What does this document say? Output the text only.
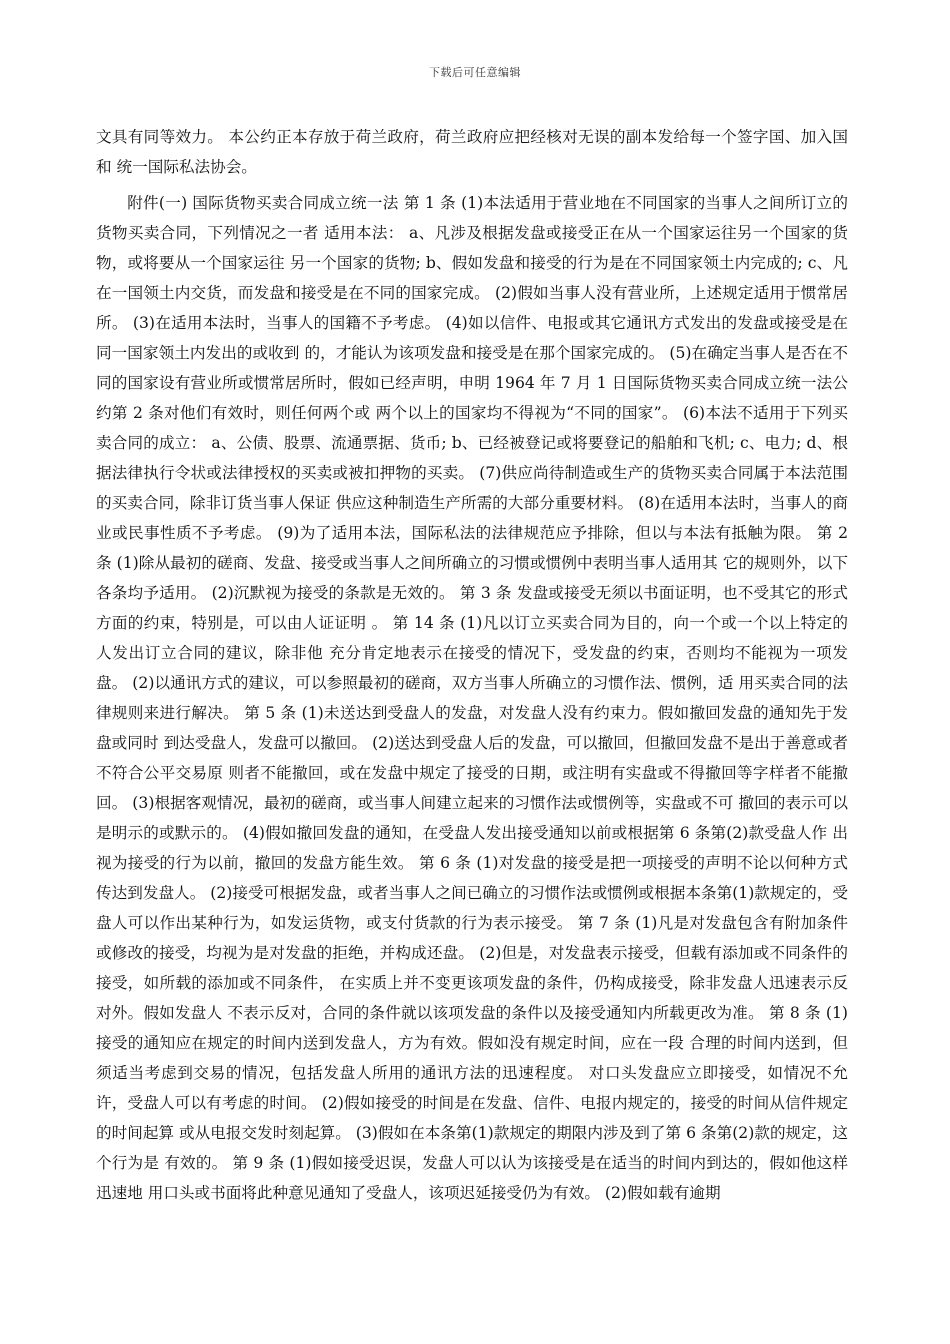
下载后可任意编辑

文具有同等效力。 本公约正本存放于荷兰政府，荷兰政府应把经核对无误的副本发给每一个签字国、加入国和 统一国际私法协会。

附件(一) 国际货物买卖合同成立统一法 第 1 条 (1)本法适用于营业地在不同国家的当事人之间所订立的货物买卖合同，下列情况之一者 适用本法： a、凡涉及根据发盘或接受正在从一个国家运往另一个国家的货物，或将要从一个国家运往 另一个国家的货物; b、假如发盘和接受的行为是在不同国家领土内完成的; c、凡在一国领土内交货，而发盘和接受是在不同的国家完成。 (2)假如当事人没有营业所，上述规定适用于惯常居所。 (3)在适用本法时，当事人的国籍不予考虑。 (4)如以信件、电报或其它通讯方式发出的发盘或接受是在同一国家领土内发出的或收到 的，才能认为该项发盘和接受是在那个国家完成的。 (5)在确定当事人是否在不同的国家设有营业所或惯常居所时，假如已经声明，申明 1964 年 7 月 1 日国际货物买卖合同成立统一法公约第 2 条对他们有效时，则任何两个或 两个以上的国家均不得视为“不同的国家”。 (6)本法不适用于下列买卖合同的成立： a、公债、股票、流通票据、货币; b、已经被登记或将要登记的船舶和飞机; c、电力; d、根据法律执行令状或法律授权的买卖或被扣押物的买卖。 (7)供应尚待制造或生产的货物买卖合同属于本法范围的买卖合同，除非订货当事人保证 供应这种制造生产所需的大部分重要材料。 (8)在适用本法时，当事人的商业或民事性质不予考虑。 (9)为了适用本法，国际私法的法律规范应予排除，但以与本法有抵触为限。 第 2 条 (1)除从最初的磋商、发盘、接受或当事人之间所确立的习惯或惯例中表明当事人适用其 它的规则外，以下各条均予适用。 (2)沉默视为接受的条款是无效的。 第 3 条 发盘或接受无须以书面证明，也不受其它的形式方面的约束，特别是，可以由人证证明 。 第 14 条 (1)凡以订立买卖合同为目的，向一个或一个以上特定的人发出订立合同的建议，除非他 充分肯定地表示在接受的情况下，受发盘的约束，否则均不能视为一项发盘。 (2)以通讯方式的建议，可以参照最初的磋商，双方当事人所确立的习惯作法、惯例，适 用买卖合同的法律规则来进行解决。 第 5 条 (1)未送达到受盘人的发盘，对发盘人没有约束力。假如撤回发盘的通知先于发盘或同时 到达受盘人，发盘可以撤回。 (2)送达到受盘人后的发盘，可以撤回，但撤回发盘不是出于善意或者不符合公平交易原 则者不能撤回，或在发盘中规定了接受的日期，或注明有实盘或不得撤回等字样者不能撤回。 (3)根据客观情况，最初的磋商，或当事人间建立起来的习惯作法或惯例等，实盘或不可 撤回的表示可以是明示的或默示的。 (4)假如撤回发盘的通知，在受盘人发出接受通知以前或根据第 6 条第(2)款受盘人作 出视为接受的行为以前，撤回的发盘方能生效。 第 6 条 (1)对发盘的接受是把一项接受的声明不论以何种方式传达到发盘人。 (2)接受可根据发盘，或者当事人之间已确立的习惯作法或惯例或根据本条第(1)款规定的，受盘人可以作出某种行为，如发运货物，或支付货款的行为表示接受。 第 7 条 (1)凡是对发盘包含有附加条件或修改的接受，均视为是对发盘的拒绝，并构成还盘。 (2)但是，对发盘表示接受，但载有添加或不同条件的接受，如所载的添加或不同条件， 在实质上并不变更该项发盘的条件，仍构成接受，除非发盘人迅速表示反对外。假如发盘人 不表示反对，合同的条件就以该项发盘的条件以及接受通知内所载更改为准。 第 8 条 (1)接受的通知应在规定的时间内送到发盘人，方为有效。假如没有规定时间，应在一段 合理的时间内送到，但须适当考虑到交易的情况，包括发盘人所用的通讯方法的迅速程度。 对口头发盘应立即接受，如情况不允许，受盘人可以有考虑的时间。 (2)假如接受的时间是在发盘、信件、电报内规定的，接受的时间从信件规定的时间起算 或从电报交发时刻起算。 (3)假如在本条第(1)款规定的期限内涉及到了第 6 条第(2)款的规定，这个行为是 有效的。 第 9 条 (1)假如接受迟误，发盘人可以认为该接受是在适当的时间内到达的，假如他这样迅速地 用口头或书面将此种意见通知了受盘人，该项迟延接受仍为有效。 (2)假如载有逾期
